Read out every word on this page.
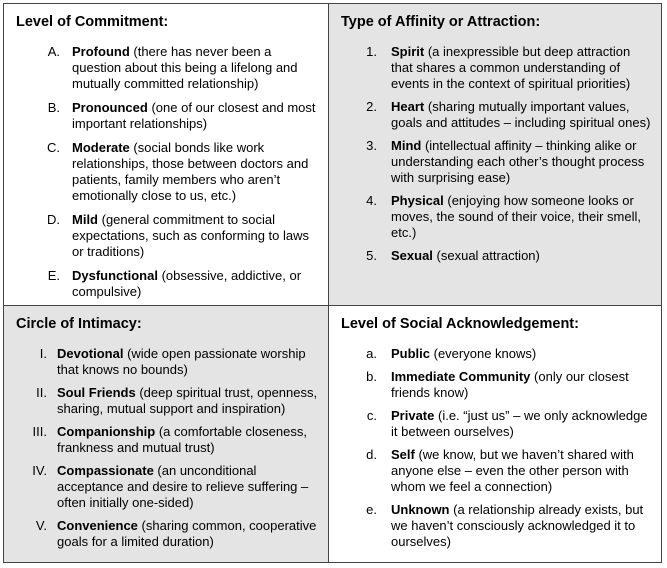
Level of Commitment:
A. Profound (there has never been a question about this being a lifelong and mutually committed relationship)
B. Pronounced (one of our closest and most important relationships)
C. Moderate (social bonds like work relationships, those between doctors and patients, family members who aren’t emotionally close to us, etc.)
D. Mild (general commitment to social expectations, such as conforming to laws or traditions)
E. Dysfunctional (obsessive, addictive, or compulsive)
Type of Affinity or Attraction:
1.	Spirit (a inexpressible but deep attraction that shares a common understanding of events in the context of spiritual priorities)
2.	Heart (sharing mutually important values, goals and attitudes – including spiritual ones)
3.	Mind (intellectual affinity – thinking alike or understanding each other’s thought process with surprising ease)
4.	Physical (enjoying how someone looks or moves, the sound of their voice, their smell, etc.)
5.	Sexual (sexual attraction)
Circle of Intimacy:
I. Devotional (wide open passionate worship that knows no bounds)
II. Soul Friends (deep spiritual trust, openness, sharing, mutual support and inspiration)
III. Companionship (a comfortable closeness, frankness and mutual trust)
IV. Compassionate (an unconditional acceptance and desire to relieve suffering – often initially one-sided)
V. Convenience (sharing common, cooperative goals for a limited duration)
Level of Social Acknowledgement:
a.	Public (everyone knows)
b.	Immediate Community (only our closest friends know)
c.	Private (i.e. “just us” – we only acknowledge it between ourselves)
d.	Self (we know, but we haven’t shared with anyone else – even the other person with whom we feel a connection)
e.	Unknown (a relationship already exists, but we haven’t consciously acknowledged it to ourselves)
